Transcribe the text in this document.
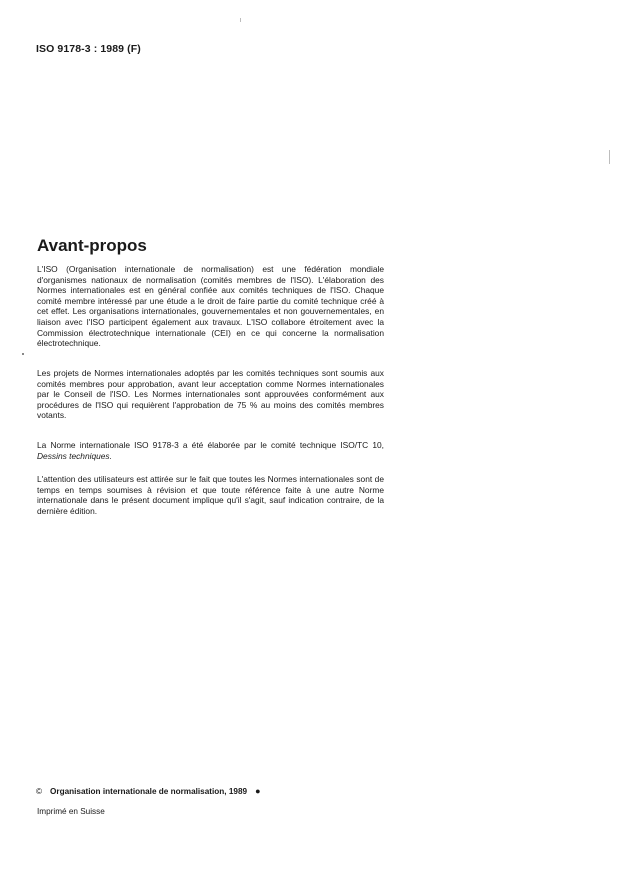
ISO 9178-3 : 1989 (F)
Avant-propos

L'ISO (Organisation internationale de normalisation) est une fédération mondiale d'organismes nationaux de normalisation (comités membres de l'ISO). L'élaboration des Normes internationales est en général confiée aux comités techniques de l'ISO. Chaque comité membre intéressé par une étude a le droit de faire partie du comité technique créé à cet effet. Les organisations internationales, gouvernementales et non gouvernementales, en liaison avec l'ISO participent également aux travaux. L'ISO collabore étroitement avec la Commission électrotechnique internationale (CEI) en ce qui concerne la normalisation électrotechnique.

Les projets de Normes internationales adoptés par les comités techniques sont soumis aux comités membres pour approbation, avant leur acceptation comme Normes internationales par le Conseil de l'ISO. Les Normes internationales sont approuvées conformément aux procédures de l'ISO qui requièrent l'approbation de 75 % au moins des comités membres votants.

La Norme internationale ISO 9178-3 a été élaborée par le comité technique ISO/TC 10, Dessins techniques.

L'attention des utilisateurs est attirée sur le fait que toutes les Normes internationales sont de temps en temps soumises à révision et que toute référence faite à une autre Norme internationale dans le présent document implique qu'il s'agit, sauf indication contraire, de la dernière édition.

© Organisation internationale de normalisation, 1989 ●
Imprimé en Suisse
